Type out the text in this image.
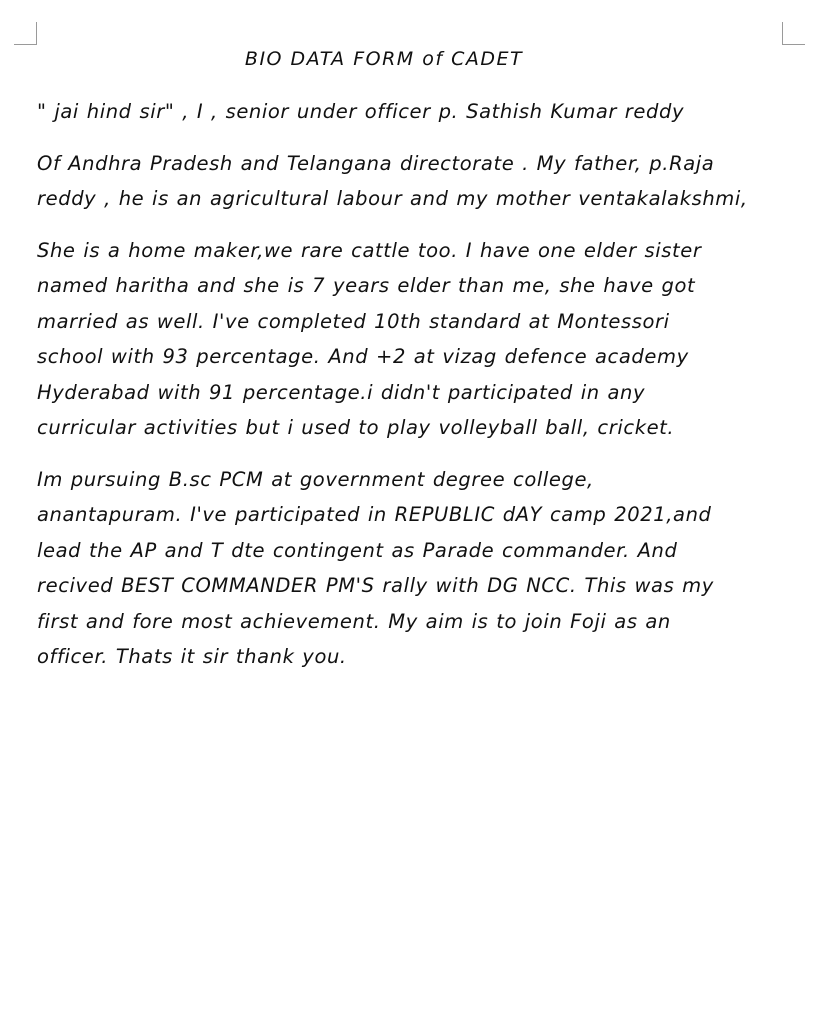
BIO DATA FORM of CADET

" jai hind sir" , I , senior under officer p. Sathish Kumar reddy

Of Andhra Pradesh and Telangana directorate . My father, p.Raja
reddy , he is an agricultural labour and my mother ventakalakshmi,

She is a home maker,we rare cattle too. I have one elder sister
named haritha and she is 7 years elder than me, she have got
married as well. I've completed 10th standard at Montessori
school with 93 percentage. And +2 at vizag defence academy
Hyderabad with 91 percentage.i didn't participated in any
curricular activities but i used to play volleyball ball, cricket.

Im pursuing B.sc PCM at government degree college,
anantapuram. I've participated in REPUBLIC dAY camp 2021,and
lead the AP and T dte contingent as Parade commander. And
recived BEST COMMANDER PM'S rally with DG NCC. This was my
first and fore most achievement. My aim is to join Foji as an
officer. Thats it sir thank you.
